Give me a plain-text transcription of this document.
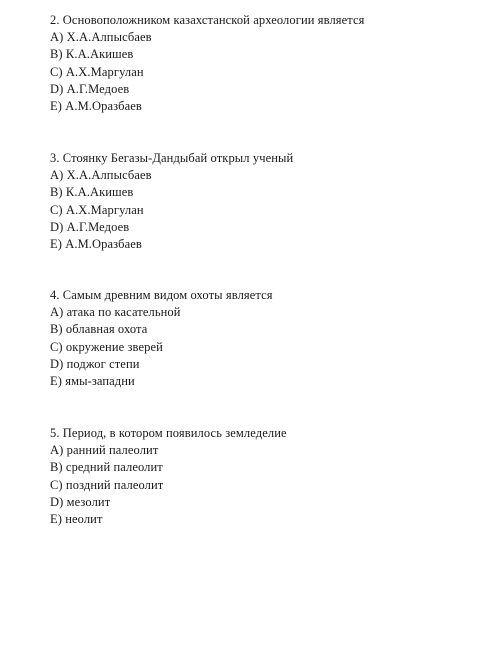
2. Основоположником казахстанской археологии является
А) Х.А.Алпысбаев
В) К.А.Акишев
С) А.Х.Маргулан
D) А.Г.Медоев
Е) А.М.Оразбаев
3. Стоянку Бегазы-Дандыбай открыл ученый
А) Х.А.Алпысбаев
В) К.А.Акишев
С) А.Х.Маргулан
D) А.Г.Медоев
Е) А.М.Оразбаев
4. Самым древним видом охоты является
А) атака по касательной
В) облавная охота
С) окружение зверей
D) поджог степи
Е) ямы-западни
5. Период, в котором появилось земледелие
А) ранний палеолит
В) средний палеолит
С) поздний палеолит
D) мезолит
Е) неолит
